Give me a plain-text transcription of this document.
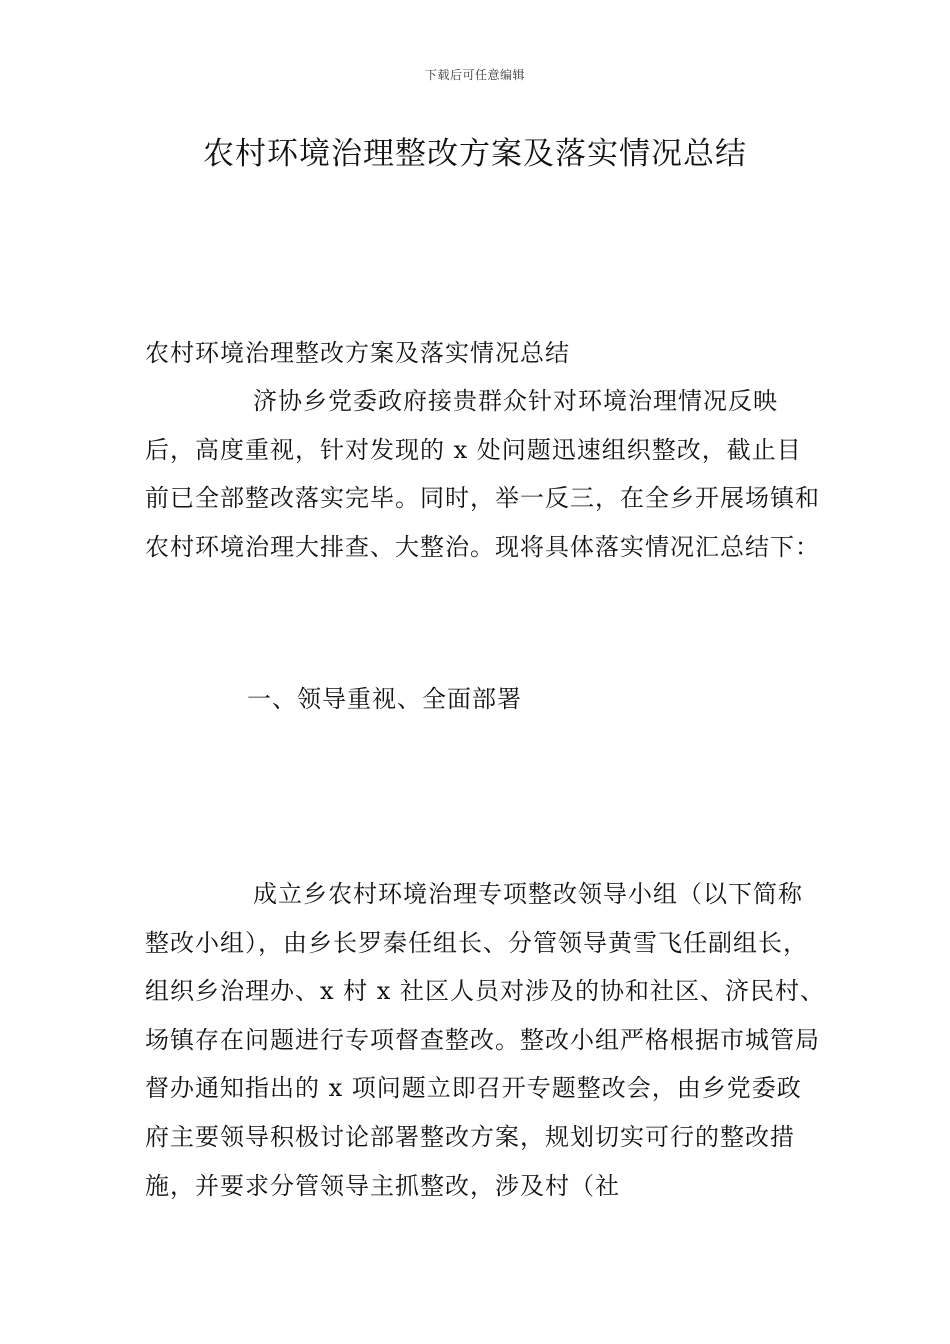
下载后可任意编辑
农村环境治理整改方案及落实情况总结

农村环境治理整改方案及落实情况总结

济协乡党委政府接贵群众针对环境治理情况反映后，高度重视，针对发现的 x 处问题迅速组织整改，截止目前已全部整改落实完毕。同时，举一反三，在全乡开展场镇和农村环境治理大排查、大整治。现将具体落实情况汇总结下：

一、领导重视、全面部署

成立乡农村环境治理专项整改领导小组（以下简称整改小组），由乡长罗秦任组长、分管领导黄雪飞任副组长，组织乡治理办、x 村 x 社区人员对涉及的协和社区、济民村、场镇存在问题进行专项督查整改。整改小组严格根据市城管局督办通知指出的 x 项问题立即召开专题整改会，由乡党委政府主要领导积极讨论部署整改方案，规划切实可行的整改措施，并要求分管领导主抓整改，涉及村（社
